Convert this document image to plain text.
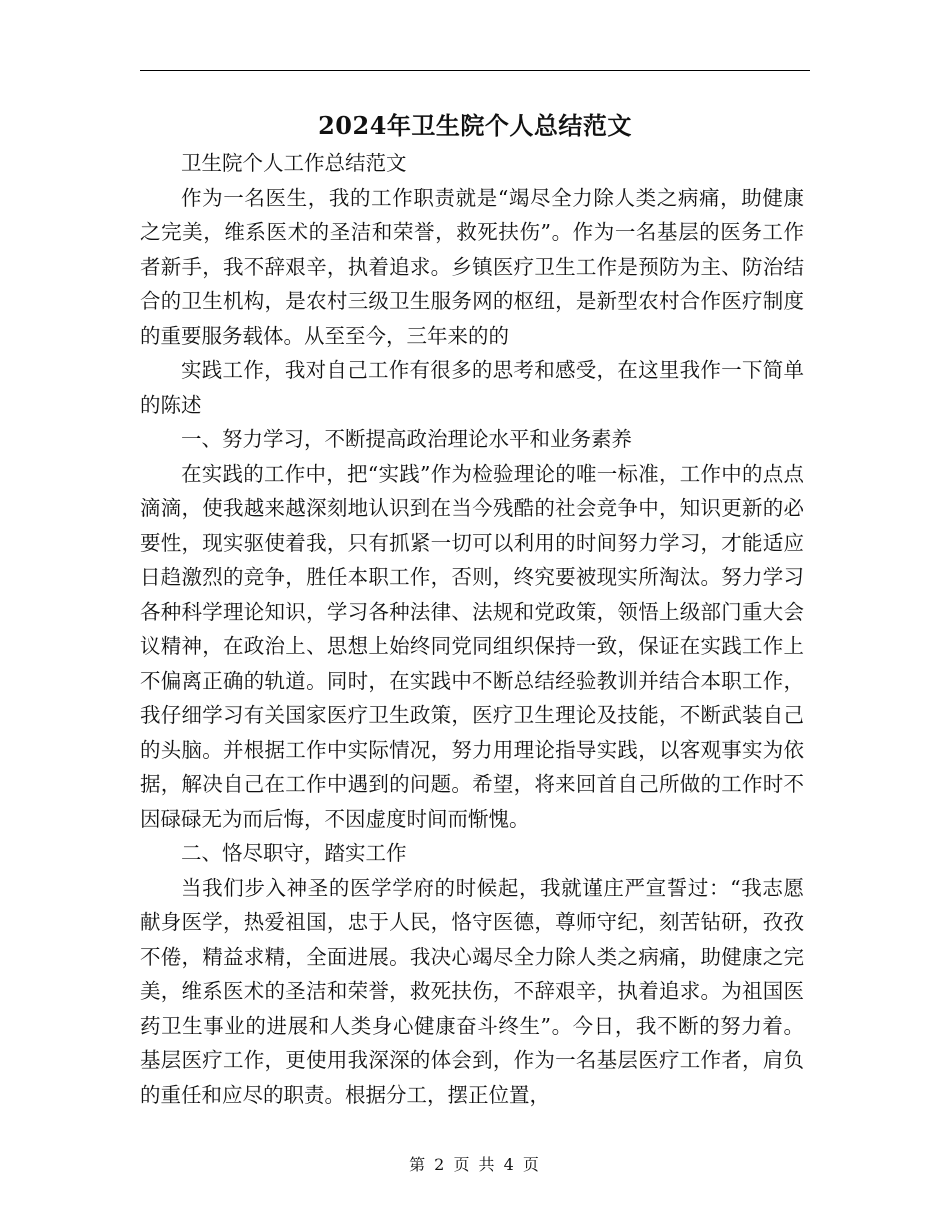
2024年卫生院个人总结范文

卫生院个人工作总结范文

作为一名医生，我的工作职责就是“竭尽全力除人类之病痛，助健康之完美，维系医术的圣洁和荣誉，救死扶伤”。作为一名基层的医务工作者新手，我不辞艰辛，执着追求。乡镇医疗卫生工作是预防为主、防治结合的卫生机构，是农村三级卫生服务网的枢纽，是新型农村合作医疗制度的重要服务载体。从至至今，三年来的的

实践工作，我对自己工作有很多的思考和感受，在这里我作一下简单的陈述

一、努力学习，不断提高政治理论水平和业务素养

在实践的工作中，把“实践”作为检验理论的唯一标准，工作中的点点滴滴，使我越来越深刻地认识到在当今残酷的社会竞争中，知识更新的必要性，现实驱使着我，只有抓紧一切可以利用的时间努力学习，才能适应日趋激烈的竞争，胜任本职工作，否则，终究要被现实所淘汰。努力学习各种科学理论知识，学习各种法律、法规和党政策，领悟上级部门重大会议精神，在政治上、思想上始终同党同组织保持一致，保证在实践工作上不偏离正确的轨道。同时，在实践中不断总结经验教训并结合本职工作，我仔细学习有关国家医疗卫生政策，医疗卫生理论及技能，不断武装自己的头脑。并根据工作中实际情况，努力用理论指导实践，以客观事实为依据，解决自己在工作中遇到的问题。希望，将来回首自己所做的工作时不因碌碌无为而后悔，不因虚度时间而惭愧。

二、恪尽职守，踏实工作

当我们步入神圣的医学学府的时候起，我就谨庄严宣誓过：“我志愿献身医学，热爱祖国，忠于人民，恪守医德，尊师守纪，刻苦钻研，孜孜不倦，精益求精，全面进展。我决心竭尽全力除人类之病痛，助健康之完美，维系医术的圣洁和荣誉，救死扶伤，不辞艰辛，执着追求。为祖国医药卫生事业的进展和人类身心健康奋斗终生”。今日，我不断的努力着。基层医疗工作，更使用我深深的体会到，作为一名基层医疗工作者，肩负的重任和应尽的职责。根据分工，摆正位置，

第 2 页 共 4 页
